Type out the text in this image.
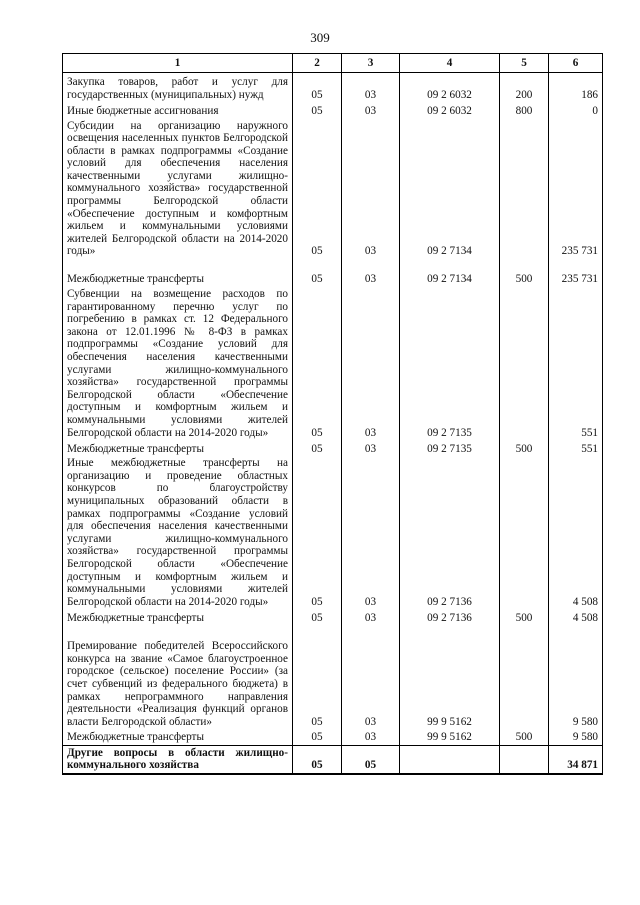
309
1	2	3	4	5	6
Закупка товаров, работ и услуг для государственных (муниципальных) нужд	05	03	09 2 6032	200	186
Иные бюджетные ассигнования	05	03	09 2 6032	800	0
Субсидии на организацию наружного освещения населенных пунктов Белгородской области в рамках подпрограммы «Создание условий для обеспечения населения качественными услугами жилищно-коммунального хозяйства» государственной программы Белгородской области «Обеспечение доступным и комфортным жильем и коммунальными условиями жителей Белгородской области на 2014-2020 годы»	05	03	09 2 7134		235 731
Межбюджетные трансферты	05	03	09 2 7134	500	235 731
Субвенции на возмещение расходов по гарантированному перечню услуг по погребению в рамках ст. 12 Федерального закона от 12.01.1996 № 8-ФЗ в рамках подпрограммы «Создание условий для обеспечения населения качественными услугами жилищно-коммунального хозяйства» государственной программы Белгородской области «Обеспечение доступным и комфортным жильем и коммунальными условиями жителей Белгородской области на 2014-2020 годы»	05	03	09 2 7135		551
Межбюджетные трансферты	05	03	09 2 7135	500	551
Иные межбюджетные трансферты на организацию и проведение областных конкурсов по благоустройству муниципальных образований области в рамках подпрограммы «Создание условий для обеспечения населения качественными услугами жилищно-коммунального хозяйства» государственной программы Белгородской области «Обеспечение доступным и комфортным жильем и коммунальными условиями жителей Белгородской области на 2014-2020 годы»	05	03	09 2 7136		4 508
Межбюджетные трансферты	05	03	09 2 7136	500	4 508
Премирование победителей Всероссийского конкурса на звание «Самое благоустроенное городское (сельское) поселение России» (за счет субвенций из федерального бюджета) в рамках непрограммного направления деятельности «Реализация функций органов власти Белгородской области»	05	03	99 9 5162		9 580
Межбюджетные трансферты	05	03	99 9 5162	500	9 580
Другие вопросы в области жилищно-коммунального хозяйства	05	05			34 871
